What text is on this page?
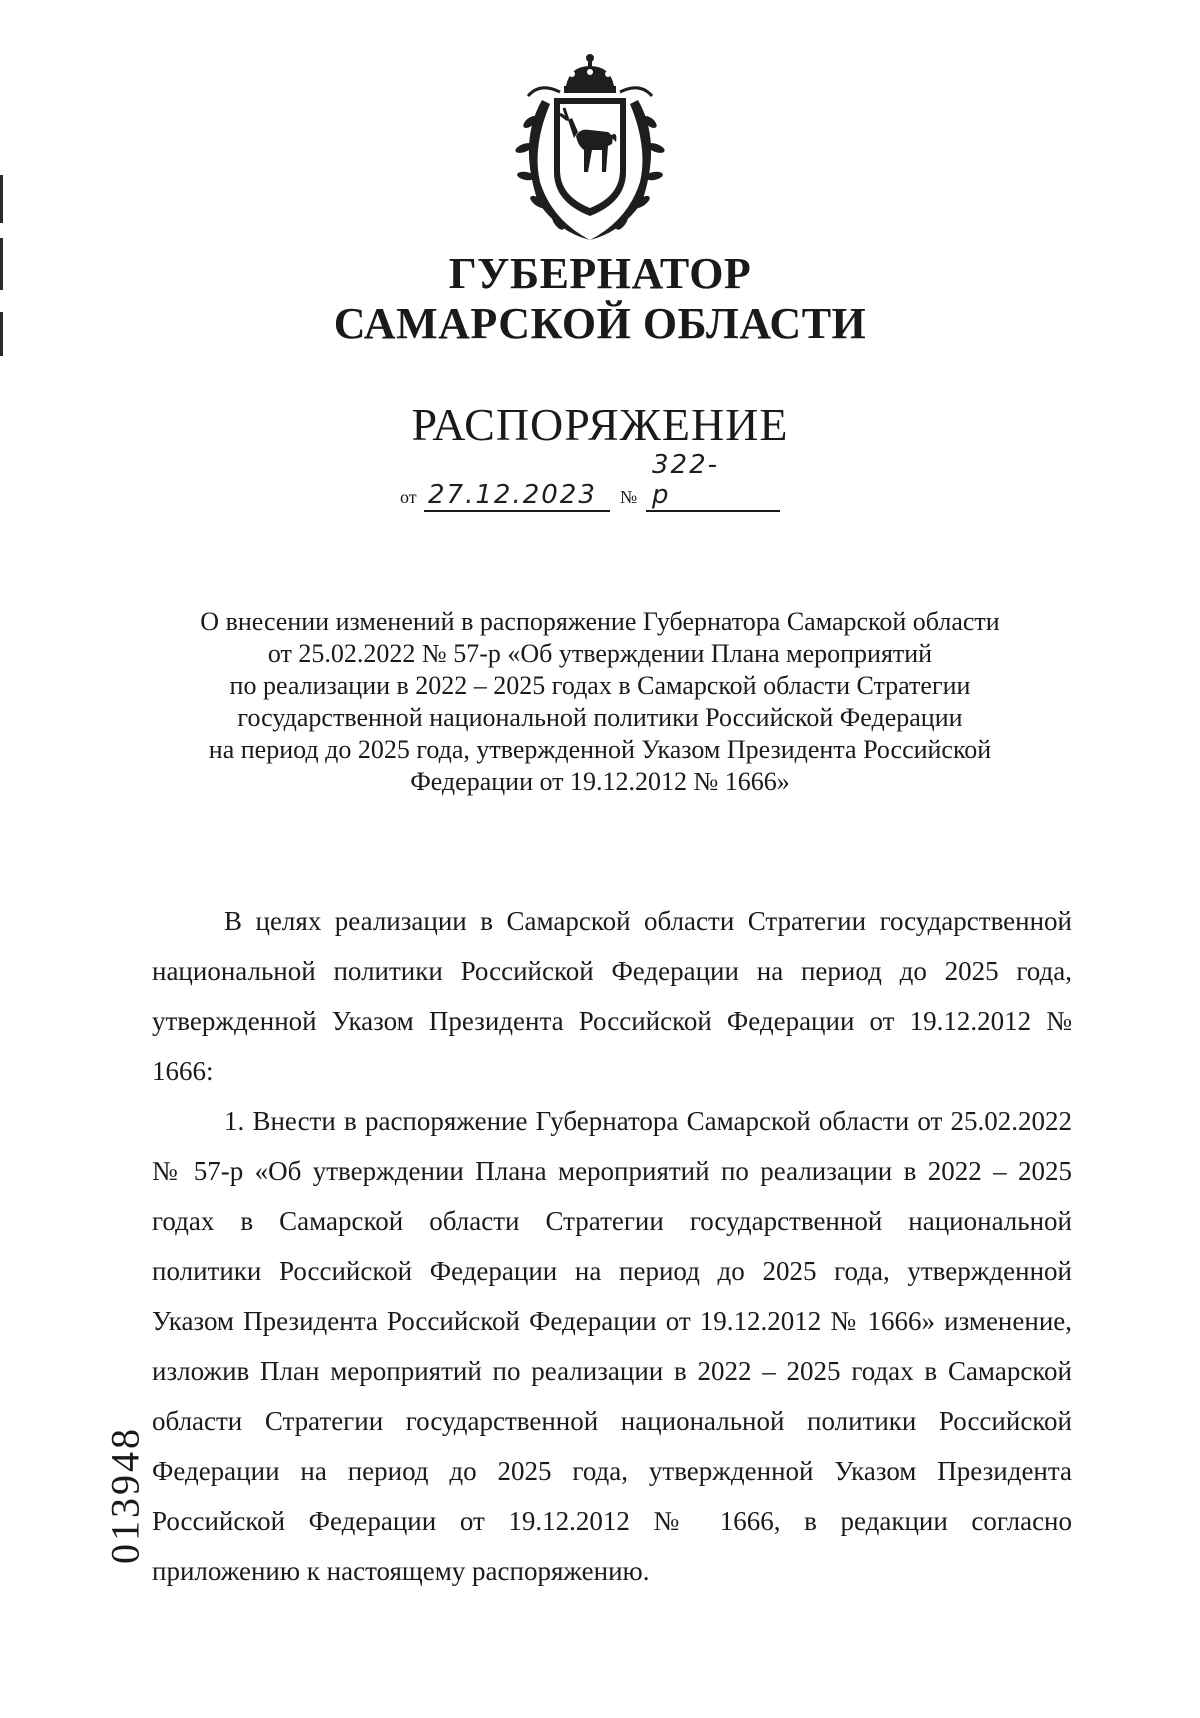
ГУБЕРНАТОР
САМАРСКОЙ ОБЛАСТИ
РАСПОРЯЖЕНИЕ
от 27.12.2023 №
322-р
О внесении изменений в распоряжение Губернатора Самарской области
от 25.02.2022 № 57-р «Об утверждении Плана мероприятий
по реализации в 2022 – 2025 годах в Самарской области Стратегии
государственной национальной политики Российской Федерации
на период до 2025 года, утвержденной Указом Президента Российской
Федерации от 19.12.2012 № 1666»
В целях реализации в Самарской области Стратегии государственной национальной политики Российской Федерации на период до 2025 года, утвержденной Указом Президента Российской Федерации от 19.12.2012 № 1666:
1. Внести в распоряжение Губернатора Самарской области от 25.02.2022 № 57-р «Об утверждении Плана мероприятий по реализации в 2022 – 2025 годах в Самарской области Стратегии государственной национальной политики Российской Федерации на период до 2025 года, утвержденной Указом Президента Российской Федерации от 19.12.2012 № 1666» изменение, изложив План мероприятий по реализации в 2022 – 2025 годах в Самарской области Стратегии государственной национальной политики Российской Федерации на период до 2025 года, утвержденной Указом Президента Российской Федерации от 19.12.2012 № 1666, в редакции согласно приложению к настоящему распоряжению.
013948
